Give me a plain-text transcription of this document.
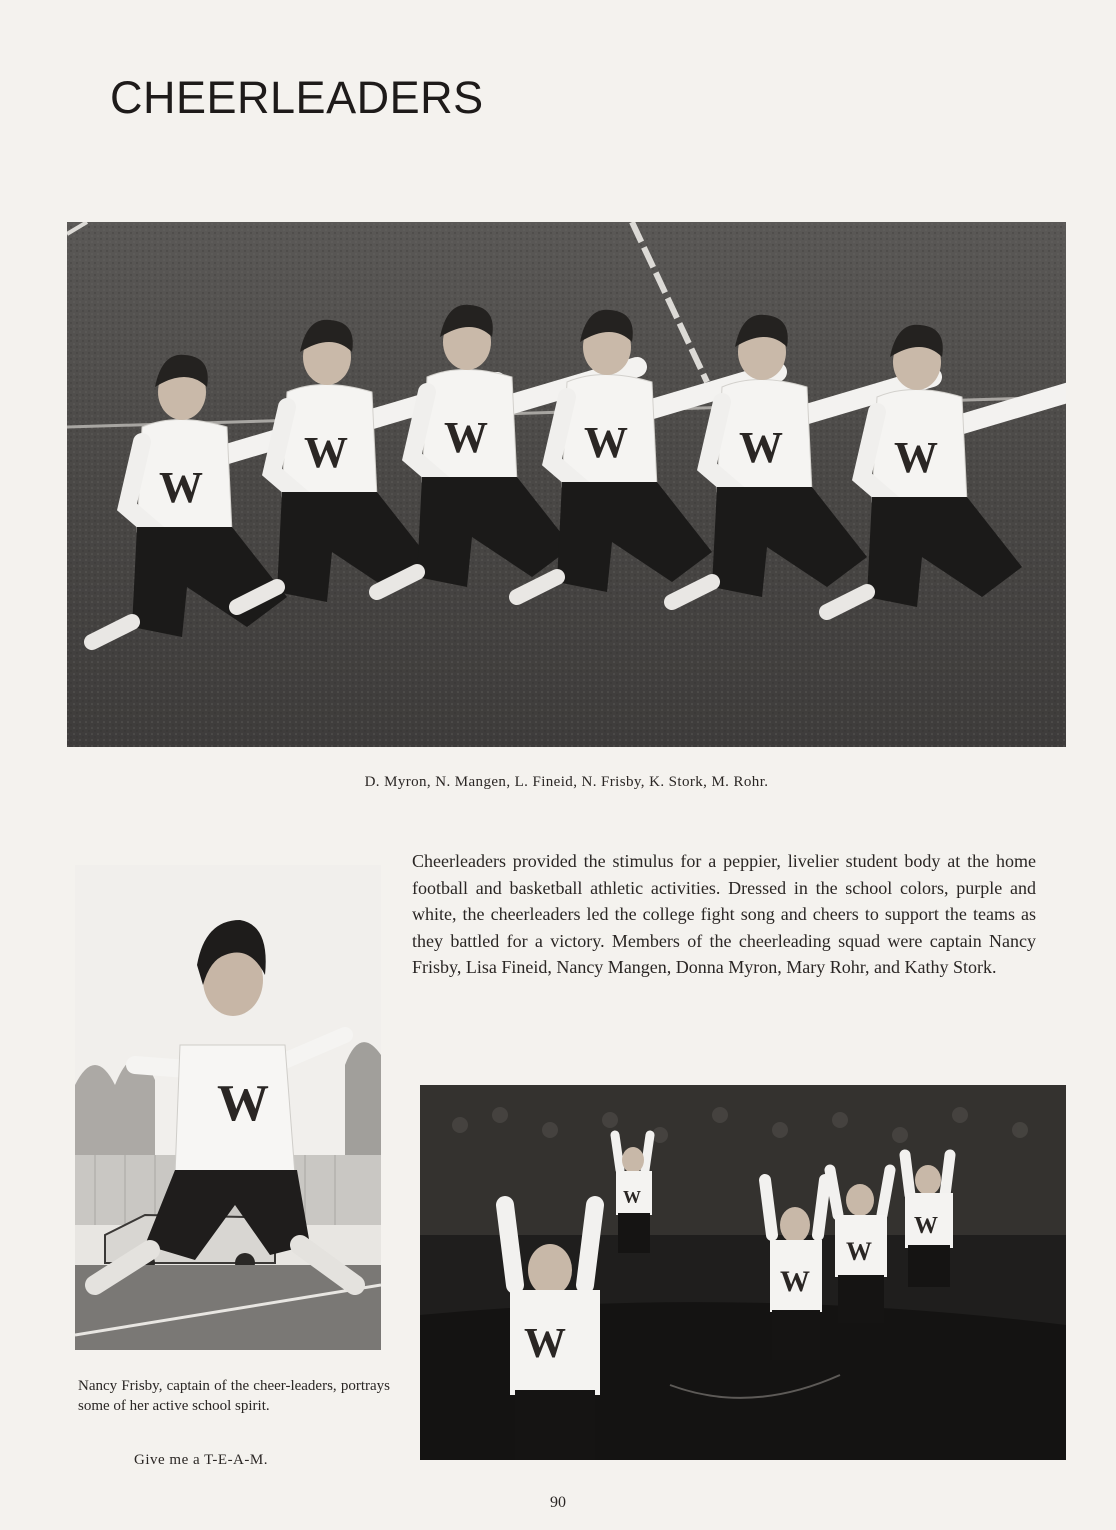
CHEERLEADERS
W
W W W	W	W
D. Myron, N. Mangen, L. Fineid, N. Frisby, K. Stork, M. Rohr.
W

Nancy Frisby, captain of the cheer-leaders, portrays some of her active school spirit.

Give me a T-E-A-M.

Cheerleaders provided the stimulus for a peppier, livelier student body at the home football and basketball athletic activities. Dressed in the school colors, purple and white, the cheerleaders led the college fight song and cheers to support the teams as they battled for a victory. Members of the cheerleading squad were captain Nancy Frisby, Lisa Fineid, Nancy Mangen, Donna Myron, Mary Rohr, and Kathy Stork.

W
W
W
W
W
90
